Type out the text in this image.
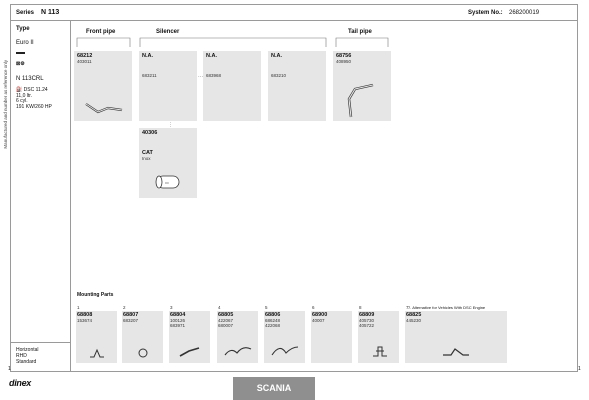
Manufactured and number as reference only
Series N 113	System No.: 268200019
Type
Euro II
⊠⚙
N 113CRL
⛽ DSC 11.24
11,0 ltr.
6 cyl.
191 KW/260 HP
Horizontal
RHD
Standard
Front pipe	Silencer	Tail pipe
68212
403011
N.A.
683211
N.A.
683968
N.A.
683210
68756
408950
···
⋮
40306
CAT
Inox
▭
Mounting Parts
7. Alternative for Vehicles With DSC Engine
1
68808
153674
2
68807
683207
3
68804
100126
683971
4
68805
422067
680007
5
68806
686248
422068
6
68900
40007
8
68809
405730
405722
7
68825
445230
dinex	SCANIA
1	1
